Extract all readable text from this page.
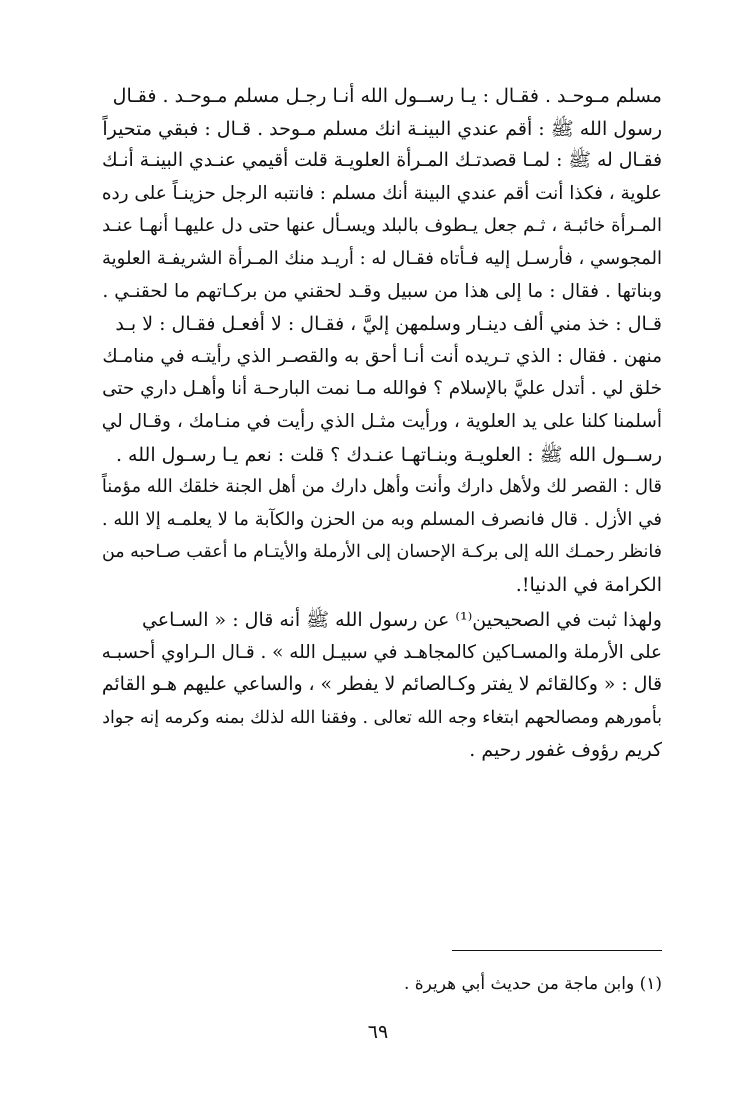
مسلم مـوحـد . فقـال : يـا رســول الله أنـا رجـل مسلم مـوحـد . فقـال
رسول الله ﷺ : أقم عندي البينـة انك مسلم مـوحد . قـال : فبقي متحيراً
فقـال له ﷺ : لمـا قصدتـك المـرأة العلويـة قلت أقيمي عنـدي البينـة أنـك
علوية ، فكذا أنت أقم عندي البينة أنك مسلم : فانتبه الرجل حزينـاً على رده
المـرأة خائبـة ، ثـم جعل يـطوف بالبلد ويسـأل عنها حتى دل عليهـا أنهـا عنـد
المجوسي ، فأرسـل إليه فـأتاه فقـال له : أريـد منك المـرأة الشريفـة العلوية
وبناتها . فقال : ما إلى هذا من سبيل وقـد لحقني من بركـاتهم ما لحقنـي .
قـال : خذ مني ألف دينـار وسلمهن إليَّ ، فقـال : لا أفعـل فقـال : لا بـد
منهن . فقال : الذي تـريده أنت أنـا أحق به والقصـر الذي رأيتـه في منامـك
خلق لي . أتدل عليَّ بالإسلام ؟ فوالله مـا نمت البارحـة أنا وأهـل داري حتى
أسلمنا كلنا على يد العلوية ، ورأيت مثـل الذي رأيت في منـامك ، وقـال لي
رســول الله ﷺ : العلويـة وبنـاتهـا عنـدك ؟ قلت : نعم يـا رسـول الله .
قال : القصر لك ولأهل دارك وأنت وأهل دارك من أهل الجنة خلقك الله مؤمناً
في الأزل . قال فانصرف المسلم وبه من الحزن والكآبة ما لا يعلمـه إلا الله .
فانظر رحمـك الله إلى بركـة الإحسان إلى الأرملة والأيتـام ما أعقب صـاحبه من
الكرامة في الدنيا!.
ولهذا ثبت في الصحيحين⁽¹⁾ عن رسول الله ﷺ أنه قال : « السـاعي
على الأرملة والمسـاكين كالمجاهـد في سبيـل الله » . قـال الـراوي أحسبـه
قال : « وكالقائم لا يفتر وكـالصائم لا يفطر » ، والساعي عليهم هـو القائم
بأمورهم ومصالحهم ابتغاء وجه الله تعالى . وفقنا الله لذلك بمنه وكرمه إنه جواد
كريم رؤوف غفور رحيم .
(١) وابن ماجة من حديث أبي هريرة .
٦٩
